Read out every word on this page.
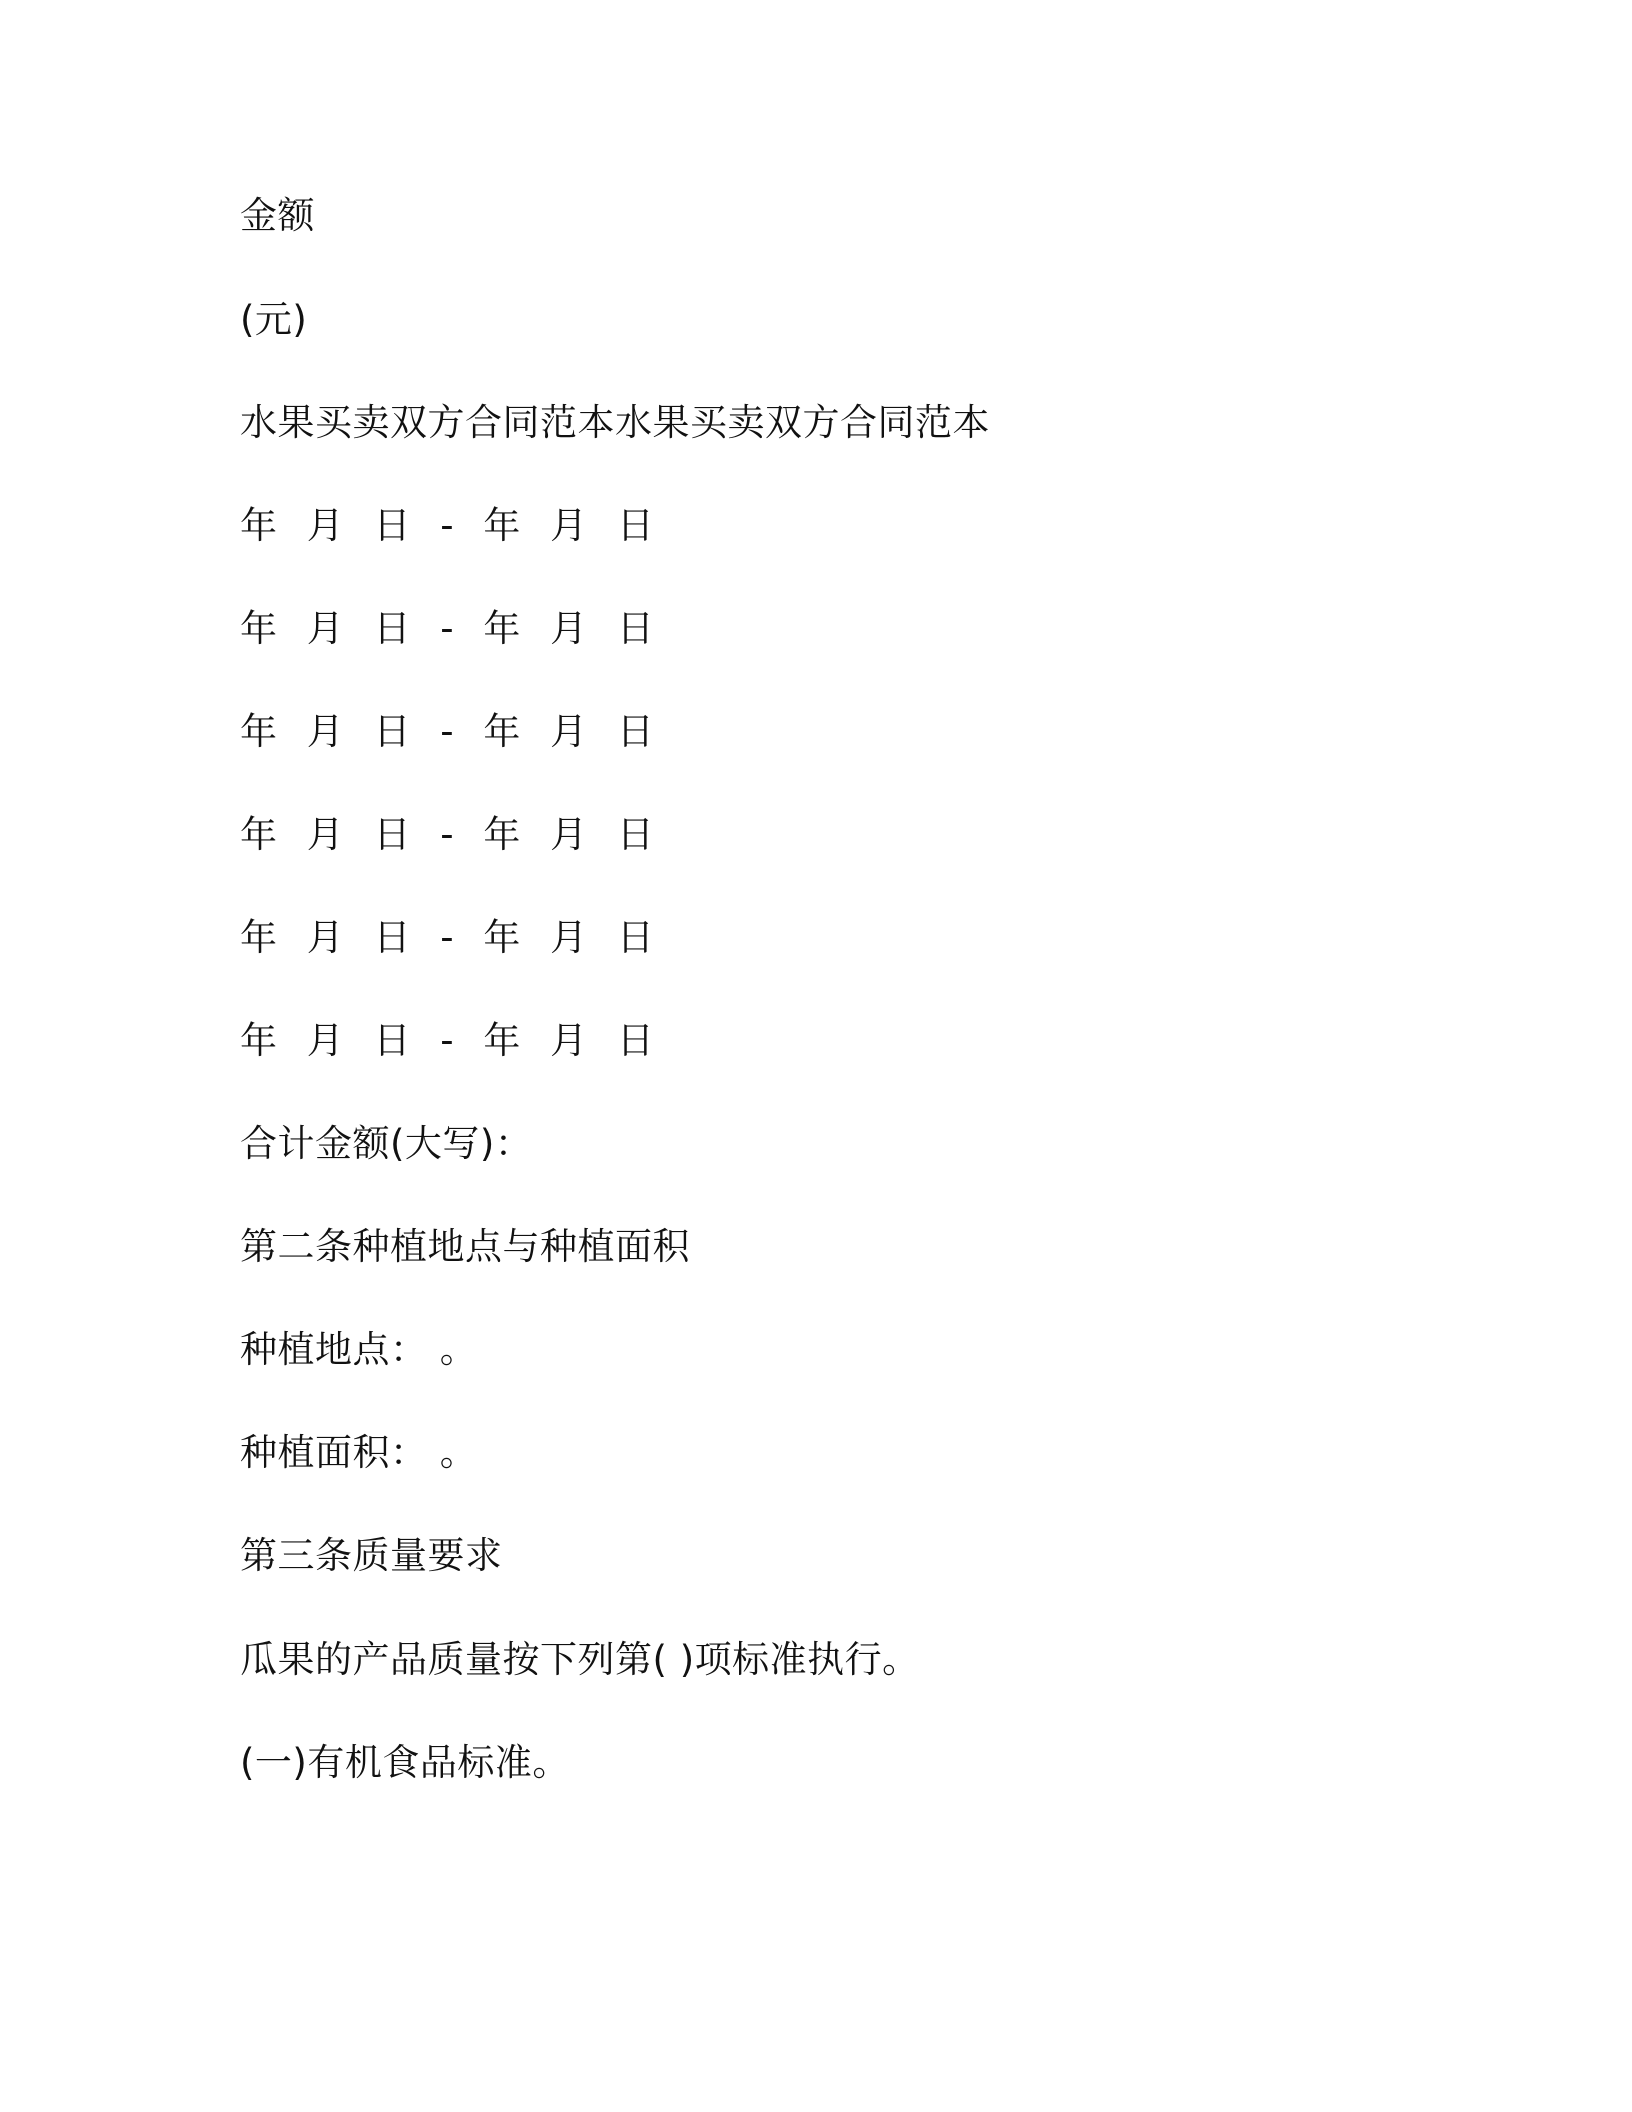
金额
(元)
水果买卖双方合同范本水果买卖双方合同范本
年 月 日 - 年 月 日
年 月 日 - 年 月 日
年 月 日 - 年 月 日
年 月 日 - 年 月 日
年 月 日 - 年 月 日
年 月 日 - 年 月 日
合计金额(大写)：
第二条种植地点与种植面积
种植地点： 。
种植面积： 。
第三条质量要求
瓜果的产品质量按下列第( )项标准执行。
(一)有机食品标准。
